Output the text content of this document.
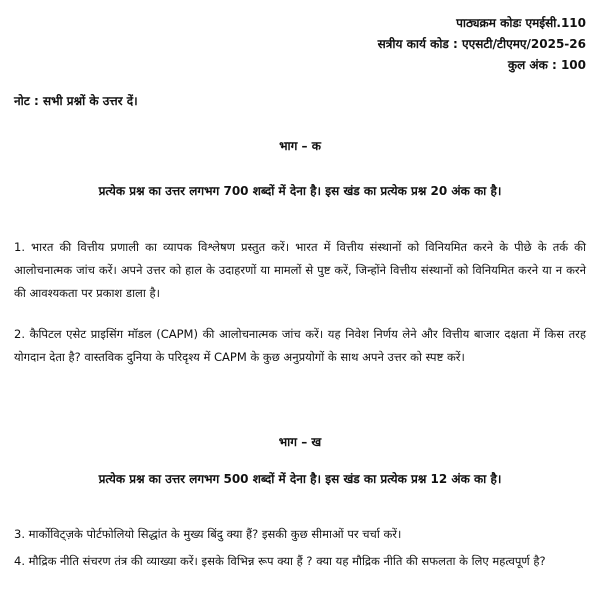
पाठ्यक्रम कोडः एमईसी.110
सत्रीय कार्य कोड : एएसटी/टीएमए/2025-26
कुल अंक : 100
नोट : सभी प्रश्नों के उत्तर दें।
भाग – क
प्रत्येक प्रश्न का उत्तर लगभग 700 शब्दों में देना है। इस खंड का प्रत्येक प्रश्न 20 अंक का है।

1. भारत की वित्तीय प्रणाली का व्यापक विश्लेषण प्रस्तुत करें। भारत में वित्तीय संस्थानों को विनियमित करने के पीछे के तर्क की आलोचनात्मक जांच करें। अपने उत्तर को हाल के उदाहरणों या मामलों से पुष्ट करें, जिन्होंने वित्तीय संस्थानों को विनियमित करने या न करने की आवश्यकता पर प्रकाश डाला है।

2. कैपिटल एसेट प्राइसिंग मॉडल (CAPM) की आलोचनात्मक जांच करें। यह निवेश निर्णय लेने और वित्तीय बाजार दक्षता में किस तरह योगदान देता है? वास्तविक दुनिया के परिदृश्य में CAPM के कुछ अनुप्रयोगों के साथ अपने उत्तर को स्पष्ट करें।

भाग – ख
प्रत्येक प्रश्न का उत्तर लगभग 500 शब्दों में देना है। इस खंड का प्रत्येक प्रश्न 12 अंक का है।

3. मार्कोविट्ज़के पोर्टफोलियो सिद्धांत के मुख्य बिंदु क्या हैं? इसकी कुछ सीमाओं पर चर्चा करें।

4. मौद्रिक नीति संचरण तंत्र की व्याख्या करें। इसके विभिन्न रूप क्या हैं ? क्या यह मौद्रिक नीति की सफलता के लिए महत्वपूर्ण है?
